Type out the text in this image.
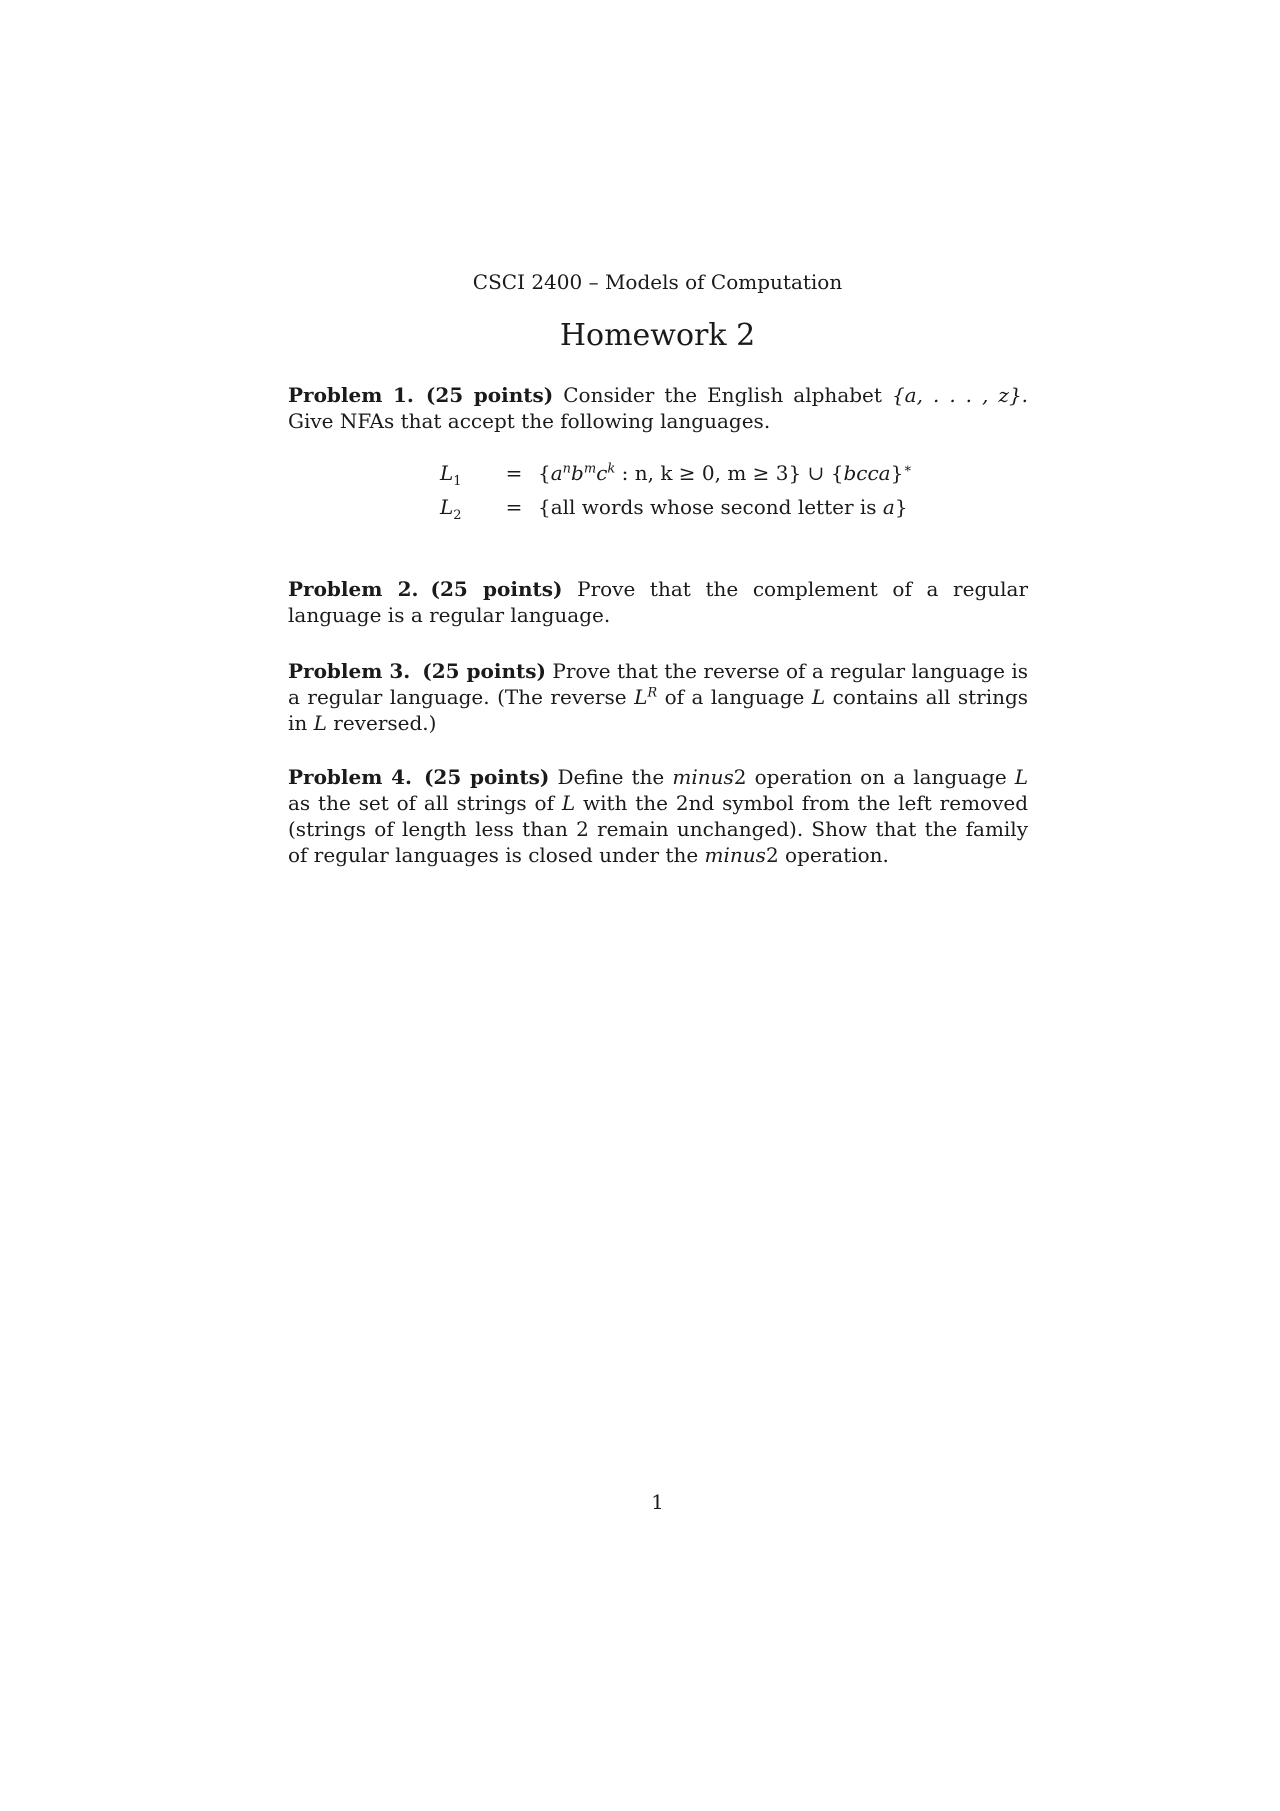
CSCI 2400 – Models of Computation
Homework 2
Problem 1. (25 points) Consider the English alphabet {a, . . . , z}. Give NFAs that accept the following languages.
$L_1$	= {$a^nb^mc^k$ : n, k ≥ 0, m ≥ 3} ∪ {bcca}∗
$L_2$	= {all words whose second letter is a}
Problem 2. (25 points) Prove that the complement of a regular language is a regular language.
Problem 3. (25 points) Prove that the reverse of a regular language is a regular language. (The reverse $L^R$ of a language L contains all strings in L reversed.)
Problem 4. (25 points) Define the minus2 operation on a language L as the set of all strings of L with the 2nd symbol from the left removed (strings of length less than 2 remain unchanged). Show that the family of regular languages is closed under the minus2 operation.
1
